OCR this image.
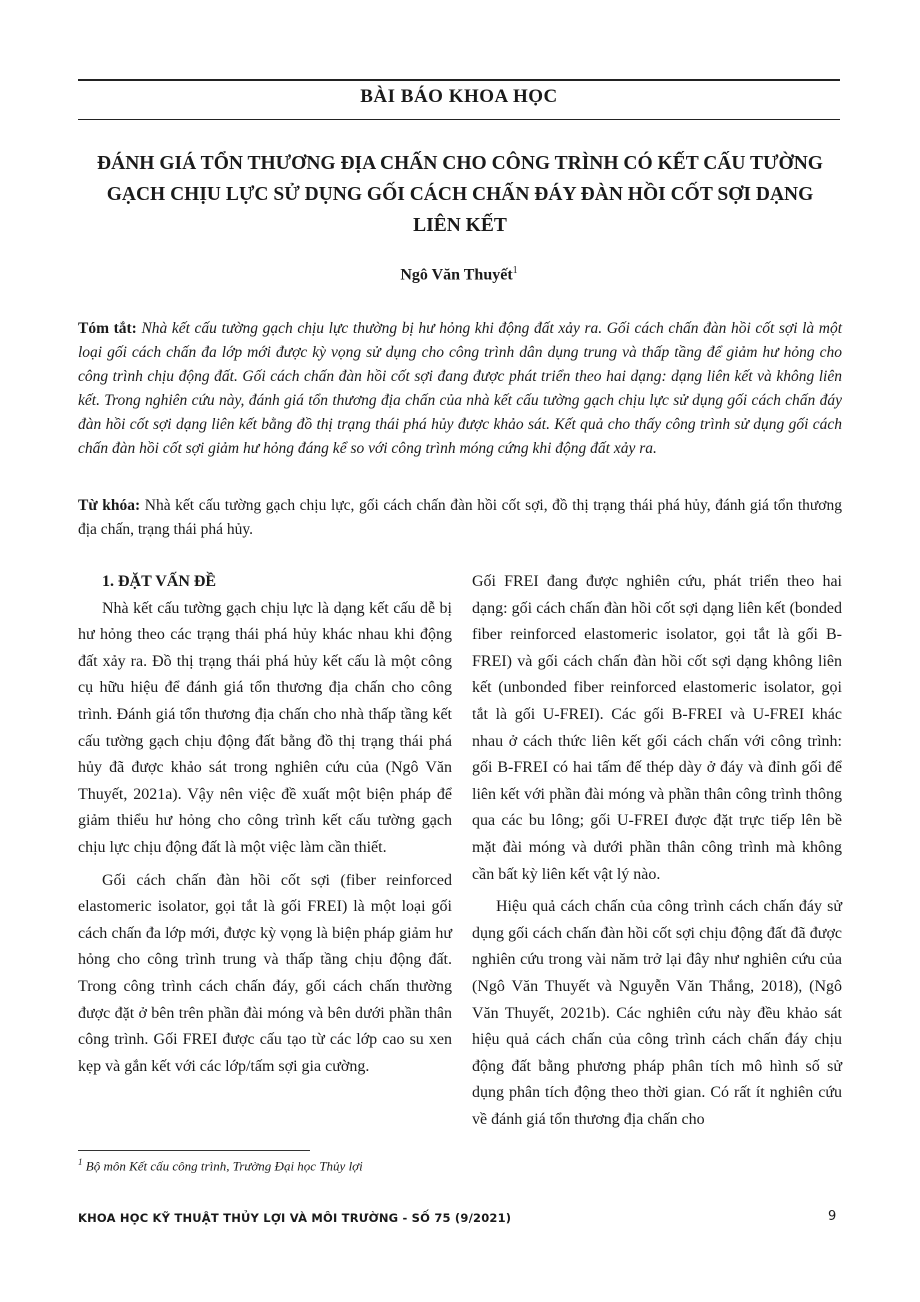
BÀI BÁO KHOA HỌC
ĐÁNH GIÁ TỔN THƯƠNG ĐỊA CHẤN CHO CÔNG TRÌNH CÓ KẾT CẤU TƯỜNG GẠCH CHỊU LỰC SỬ DỤNG GỐI CÁCH CHẤN ĐÁY ĐÀN HỒI CỐT SỢI DẠNG LIÊN KẾT
Ngô Văn Thuyết$^1$
Tóm tắt: Nhà kết cấu tường gạch chịu lực thường bị hư hỏng khi động đất xảy ra. Gối cách chấn đàn hồi cốt sợi là một loại gối cách chấn đa lớp mới được kỳ vọng sử dụng cho công trình dân dụng trung và thấp tầng để giảm hư hỏng cho công trình chịu động đất. Gối cách chấn đàn hồi cốt sợi đang được phát triển theo hai dạng: dạng liên kết và không liên kết. Trong nghiên cứu này, đánh giá tổn thương địa chấn của nhà kết cấu tường gạch chịu lực sử dụng gối cách chấn đáy đàn hồi cốt sợi dạng liên kết bằng đồ thị trạng thái phá hủy được khảo sát. Kết quả cho thấy công trình sử dụng gối cách chấn đàn hồi cốt sợi giảm hư hỏng đáng kể so với công trình móng cứng khi động đất xảy ra.
Từ khóa: Nhà kết cấu tường gạch chịu lực, gối cách chấn đàn hồi cốt sợi, đồ thị trạng thái phá hủy, đánh giá tổn thương địa chấn, trạng thái phá hủy.
1. ĐẶT VẤN ĐỀ

Nhà kết cấu tường gạch chịu lực là dạng kết cấu dễ bị hư hỏng theo các trạng thái phá hủy khác nhau khi động đất xảy ra. Đồ thị trạng thái phá hủy kết cấu là một công cụ hữu hiệu để đánh giá tổn thương địa chấn cho công trình. Đánh giá tổn thương địa chấn cho nhà thấp tầng kết cấu tường gạch chịu động đất bằng đồ thị trạng thái phá hủy đã được khảo sát trong nghiên cứu của (Ngô Văn Thuyết, 2021a). Vậy nên việc đề xuất một biện pháp để giảm thiểu hư hỏng cho công trình kết cấu tường gạch chịu lực chịu động đất là một việc làm cần thiết.

Gối cách chấn đàn hồi cốt sợi (fiber reinforced elastomeric isolator, gọi tắt là gối FREI) là một loại gối cách chấn đa lớp mới, được kỳ vọng là biện pháp giảm hư hỏng cho công trình trung và thấp tầng chịu động đất. Trong công trình cách chấn đáy, gối cách chấn thường được đặt ở bên trên phần đài móng và bên dưới phần thân công trình. Gối FREI được cấu tạo từ các lớp cao su xen kẹp và gắn kết với các lớp/tấm sợi gia cường.

Gối FREI đang được nghiên cứu, phát triển theo hai dạng: gối cách chấn đàn hồi cốt sợi dạng liên kết (bonded fiber reinforced elastomeric isolator, gọi tắt là gối B-FREI) và gối cách chấn đàn hồi cốt sợi dạng không liên kết (unbonded fiber reinforced elastomeric isolator, gọi tắt là gối U-FREI). Các gối B-FREI và U-FREI khác nhau ở cách thức liên kết gối cách chấn với công trình: gối B-FREI có hai tấm đế thép dày ở đáy và đỉnh gối để liên kết với phần đài móng và phần thân công trình thông qua các bu lông; gối U-FREI được đặt trực tiếp lên bề mặt đài móng và dưới phần thân công trình mà không cần bất kỳ liên kết vật lý nào.

Hiệu quả cách chấn của công trình cách chấn đáy sử dụng gối cách chấn đàn hồi cốt sợi chịu động đất đã được nghiên cứu trong vài năm trở lại đây như nghiên cứu của (Ngô Văn Thuyết và Nguyễn Văn Thắng, 2018), (Ngô Văn Thuyết, 2021b). Các nghiên cứu này đều khảo sát hiệu quả cách chấn của công trình cách chấn đáy chịu động đất bằng phương pháp phân tích mô hình số sử dụng phân tích động theo thời gian. Có rất ít nghiên cứu về đánh giá tổn thương địa chấn cho

$^1$ Bộ môn Kết cấu công trình, Trường Đại học Thủy lợi
KHOA HỌC KỸ THUẬT THỦY LỢI VÀ MÔI TRƯỜNG - SỐ 75 (9/2021)	9
